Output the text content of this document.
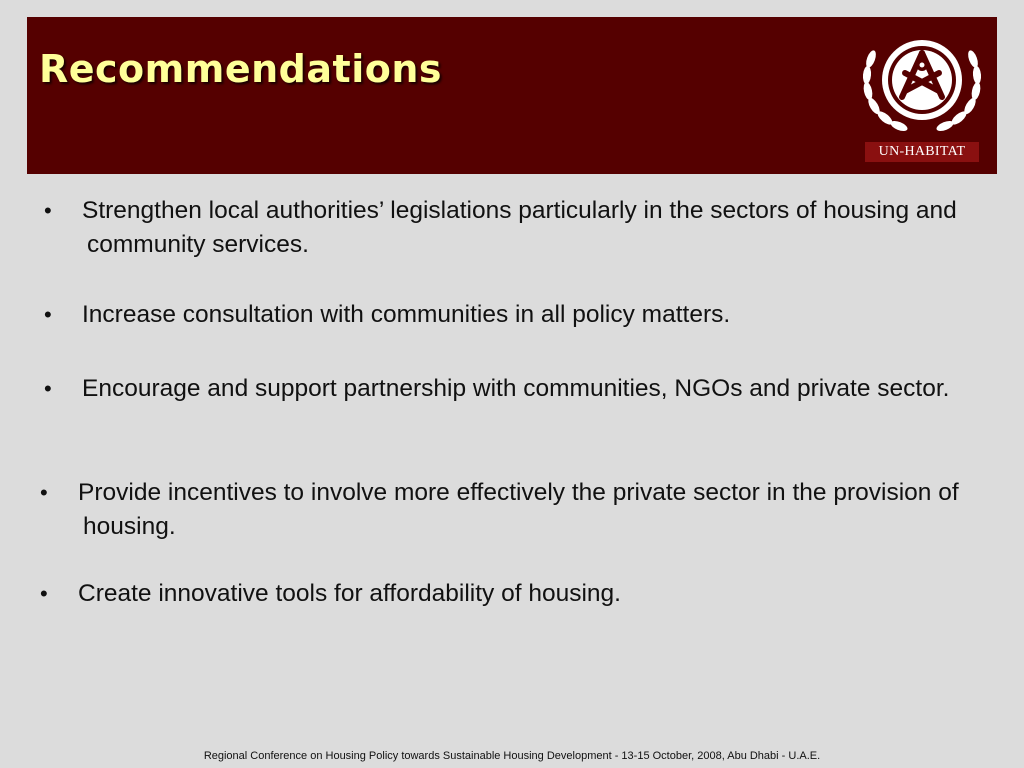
Recommendations
UN-HABITAT
• Strengthen local authorities’ legislations particularly in the sectors of housing and community services.
• Increase consultation with communities in all policy matters.
• Encourage and support partnership with communities, NGOs and private sector.
• Provide incentives to involve more effectively the private sector in the provision of housing.
• Create innovative tools for affordability of housing.
Regional Conference on Housing Policy towards Sustainable Housing Development - 13-15 October, 2008, Abu Dhabi - U.A.E.
